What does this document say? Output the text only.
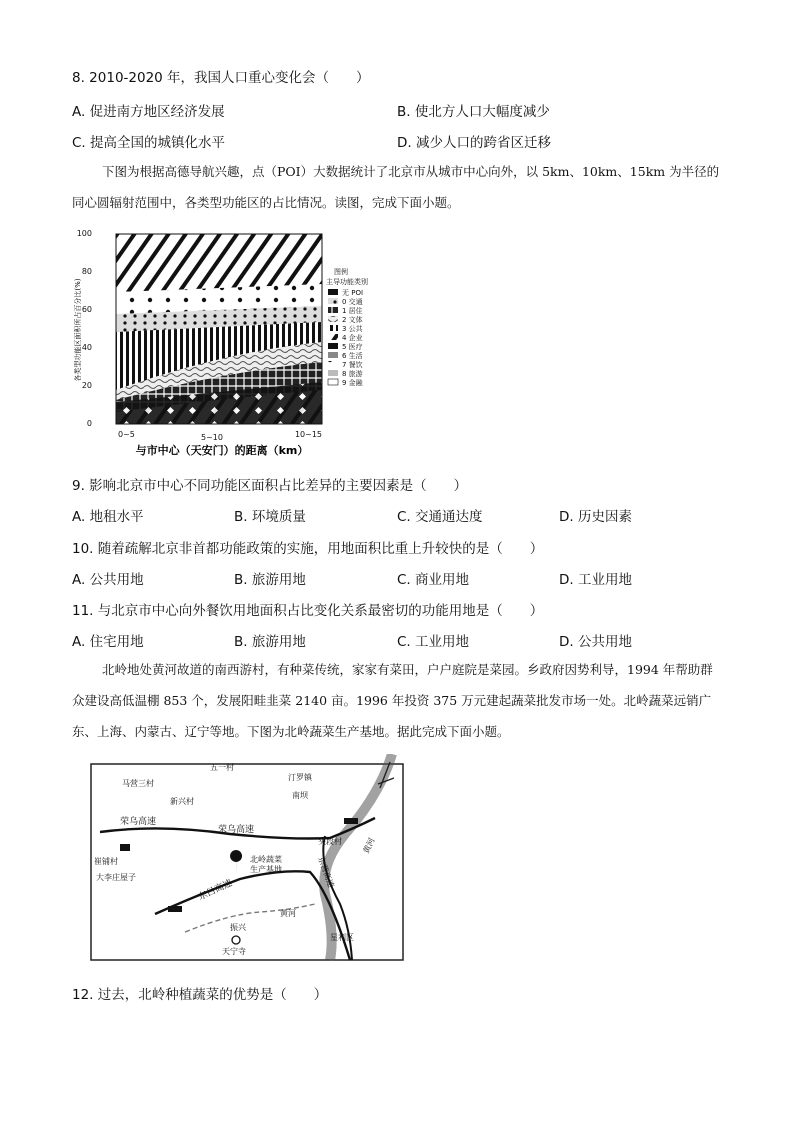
8. 2010-2020 年，我国人口重心变化会（　　）
A. 促进南方地区经济发展	B. 使北方人口大幅度减少
C. 提高全国的城镇化水平	D. 减少人口的跨省区迁移
下图为根据高德导航兴趣，点（POI）大数据统计了北京市从城市中心向外，以 5km、10km、15km 为半径的同心圆辐射范围中，各类型功能区的占比情况。读图，完成下面小题。
100
80
60
40
20
0
各类型功能区面积所占百分比(%)
0~5	5~10	10~15
与市中心（天安门）的距离（km）
图例
主导功能类别
无 POI
0 交通
1 居住
2 文体
3 公共
4 企业
5 医疗
6 生活
7 餐饮
8 旅游
9 金融
9. 影响北京市中心不同功能区面积占比差异的主要因素是（　　）
A. 地租水平	B. 环境质量	C. 交通通达度	D. 历史因素
10. 随着疏解北京非首都功能政策的实施，用地面积比重上升较快的是（　　）
A. 公共用地	B. 旅游用地	C. 商业用地	D. 工业用地
11. 与北京市中心向外餐饮用地面积占比变化关系最密切的功能用地是（　　）
A. 住宅用地	B. 旅游用地	C. 工业用地	D. 公共用地
北岭地处黄河故道的南西游村，有种菜传统，家家有菜田，户户庭院是菜园。乡政府因势利导，1994 年帮助群众建设高低温棚 853 个，发展阳畦韭菜 2140 亩。1996 年投资 375 万元建起蔬菜批发市场一处。北岭蔬菜远销广东、上海、内蒙古、辽宁等地。下图为北岭蔬菜生产基地。据此完成下面小题。
五一村
马营三村
新兴村
汀罗镇
南坝
荣乌高速
荣乌高速
头段村
崔铺村
大李庄屋子
北岭蔬菜
生产基地
东吕高速
黄河
振兴
天宁寺
星利区
东营高速
黄河
12. 过去，北岭种植蔬菜的优势是（　　）
